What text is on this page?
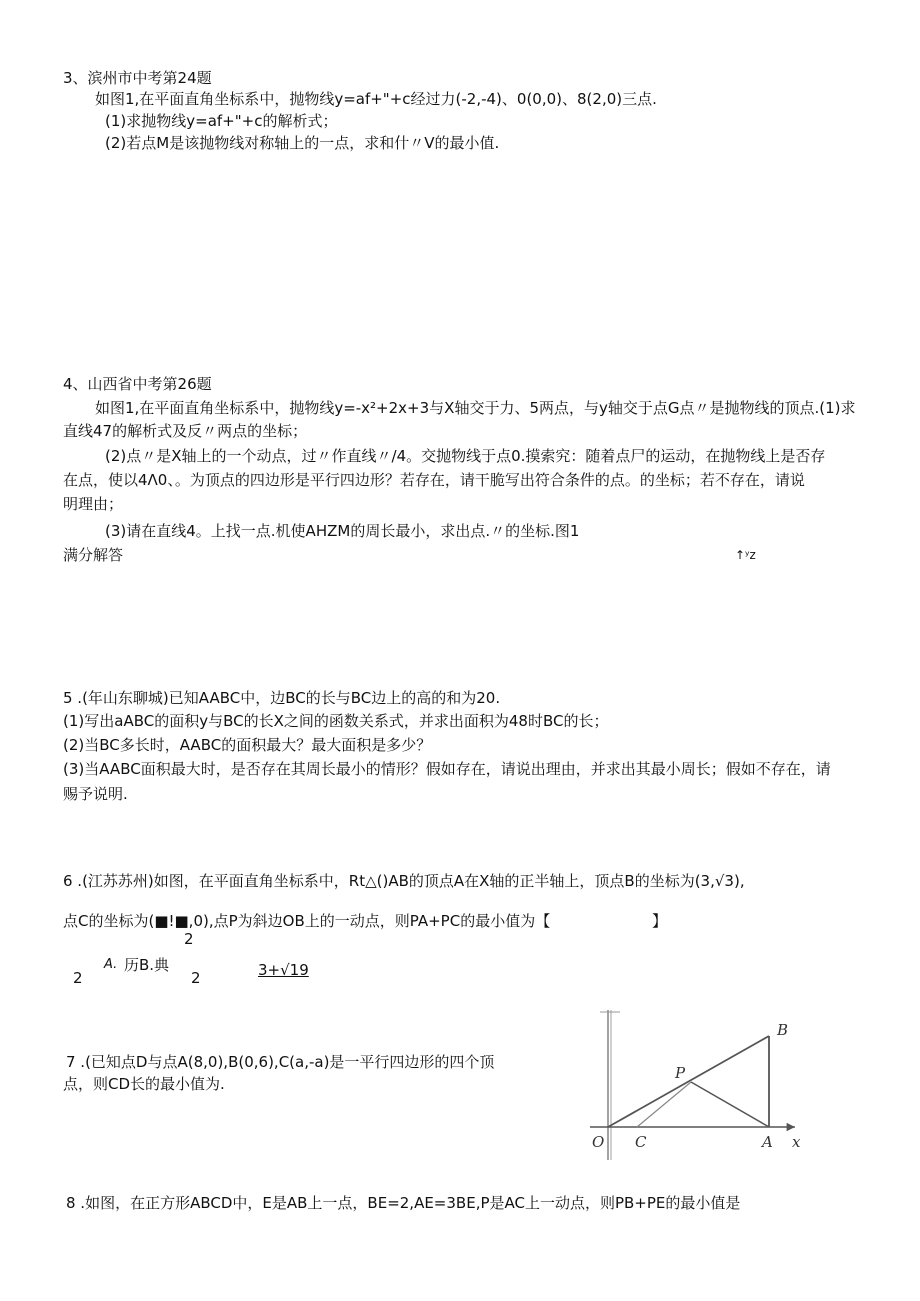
3、滨州市中考第24题
如图1,在平面直角坐标系中，抛物线y=af+"+c经过力(-2,-4)、0(0,0)、8(2,0)三点.
(1)求抛物线y=af+"+c的解析式；
(2)若点M是该抛物线对称轴上的一点，求和什〃V的最小值.
4、山西省中考第26题
如图1,在平面直角坐标系中，抛物线y=-x²+2x+3与X轴交于力、5两点，与y轴交于点G点〃是抛物线的顶点.(1)求
直线47的解析式及反〃两点的坐标；
(2)点〃是X轴上的一个动点，过〃作直线〃/4。交抛物线于点0.摸索究：随着点尸的运动，在抛物线上是否存
在点，使以4Λ0、。为顶点的四边形是平行四边形？若存在，请干脆写出符合条件的点。的坐标；若不存在，请说
明理由；
(3)请在直线4。上找一点.机使AHZM的周长最小，求出点.〃的坐标.图1
满分解答	↑ʸz
5 .(年山东聊城)已知AABC中，边BC的长与BC边上的高的和为20.
(1)写出aABC的面积y与BC的长X之间的函数关系式，并求出面积为48时BC的长；
(2)当BC多长时，AABC的面积最大？最大面积是多少？
(3)当AABC面积最大时，是否存在其周长最小的情形？假如存在，请说出理由，并求出其最小周长；假如不存在，请
赐予说明.
6 .(江苏苏州)如图，在平面直角坐标系中，Rt△()AB的顶点A在X轴的正半轴上，顶点B的坐标为(3,√3),
点C的坐标为(■!■,0),点P为斜边OB上的一动点，则PA+PC的最小值为【	】
2
A. 历B.典	3+√19
2	2
7 .(已知点D与点A(8,0),B(0,6),C(a,-a)是一平行四边形的四个顶
点，则CD长的最小值为.
8 .如图，在正方形ABCD中，E是AB上一点，BE=2,AE=3BE,P是AC上一动点，则PB+PE的最小值是
B
P
O C	A x
